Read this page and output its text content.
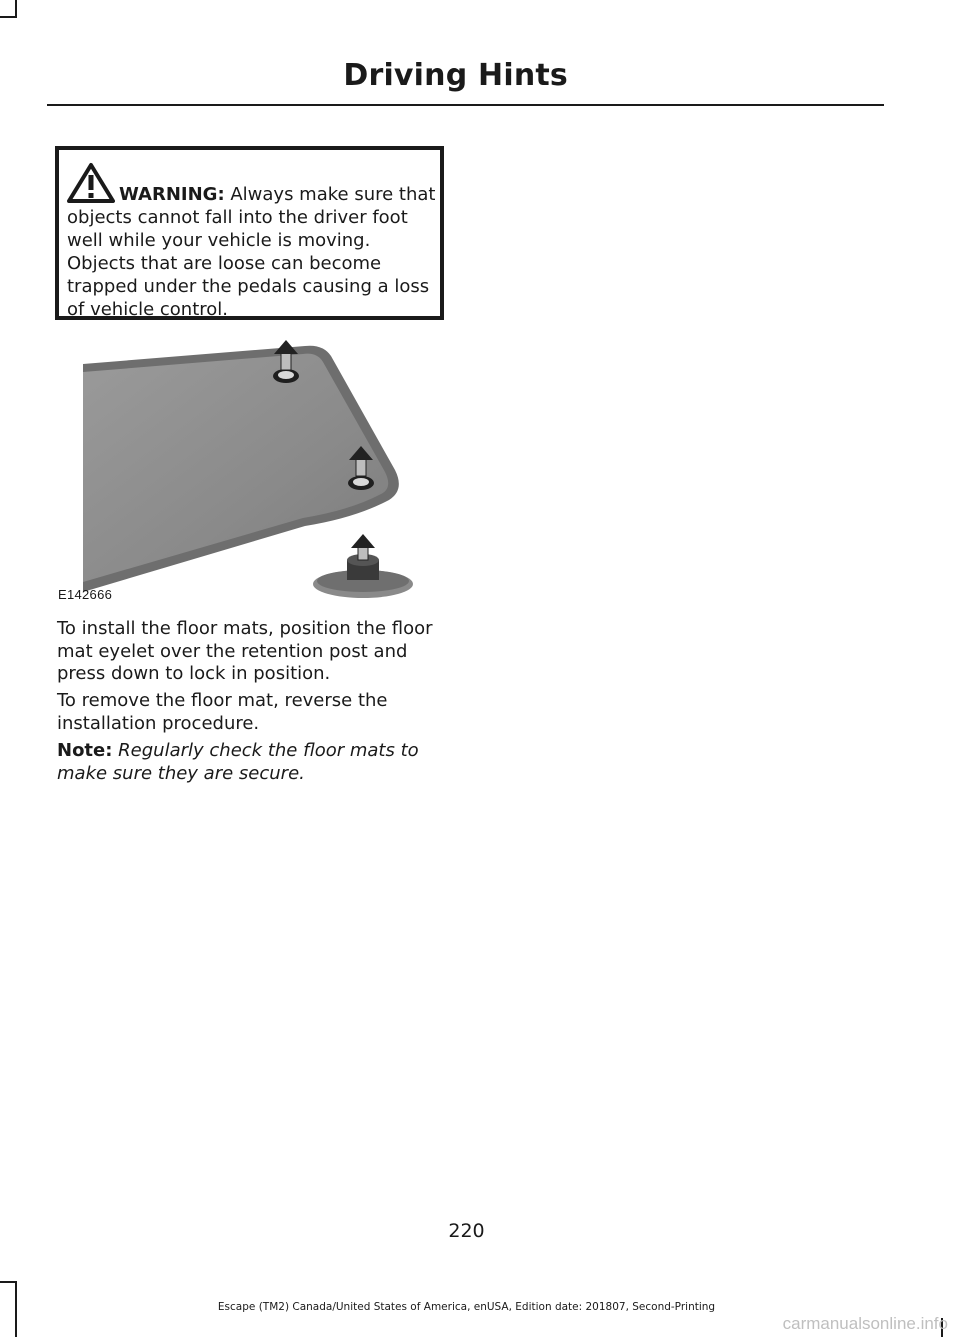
Driving Hints
WARNING: Always make sure that objects cannot fall into the driver foot well while your vehicle is moving. Objects that are loose can become trapped under the pedals causing a loss of vehicle control.
E142666

To install the floor mats, position the floor mat eyelet over the retention post and press down to lock in position.

To remove the floor mat, reverse the installation procedure.

Note: Regularly check the floor mats to make sure they are secure.

220
Escape (TM2) Canada/United States of America, enUSA, Edition date: 201807, Second-Printing
carmanualsonline.info
